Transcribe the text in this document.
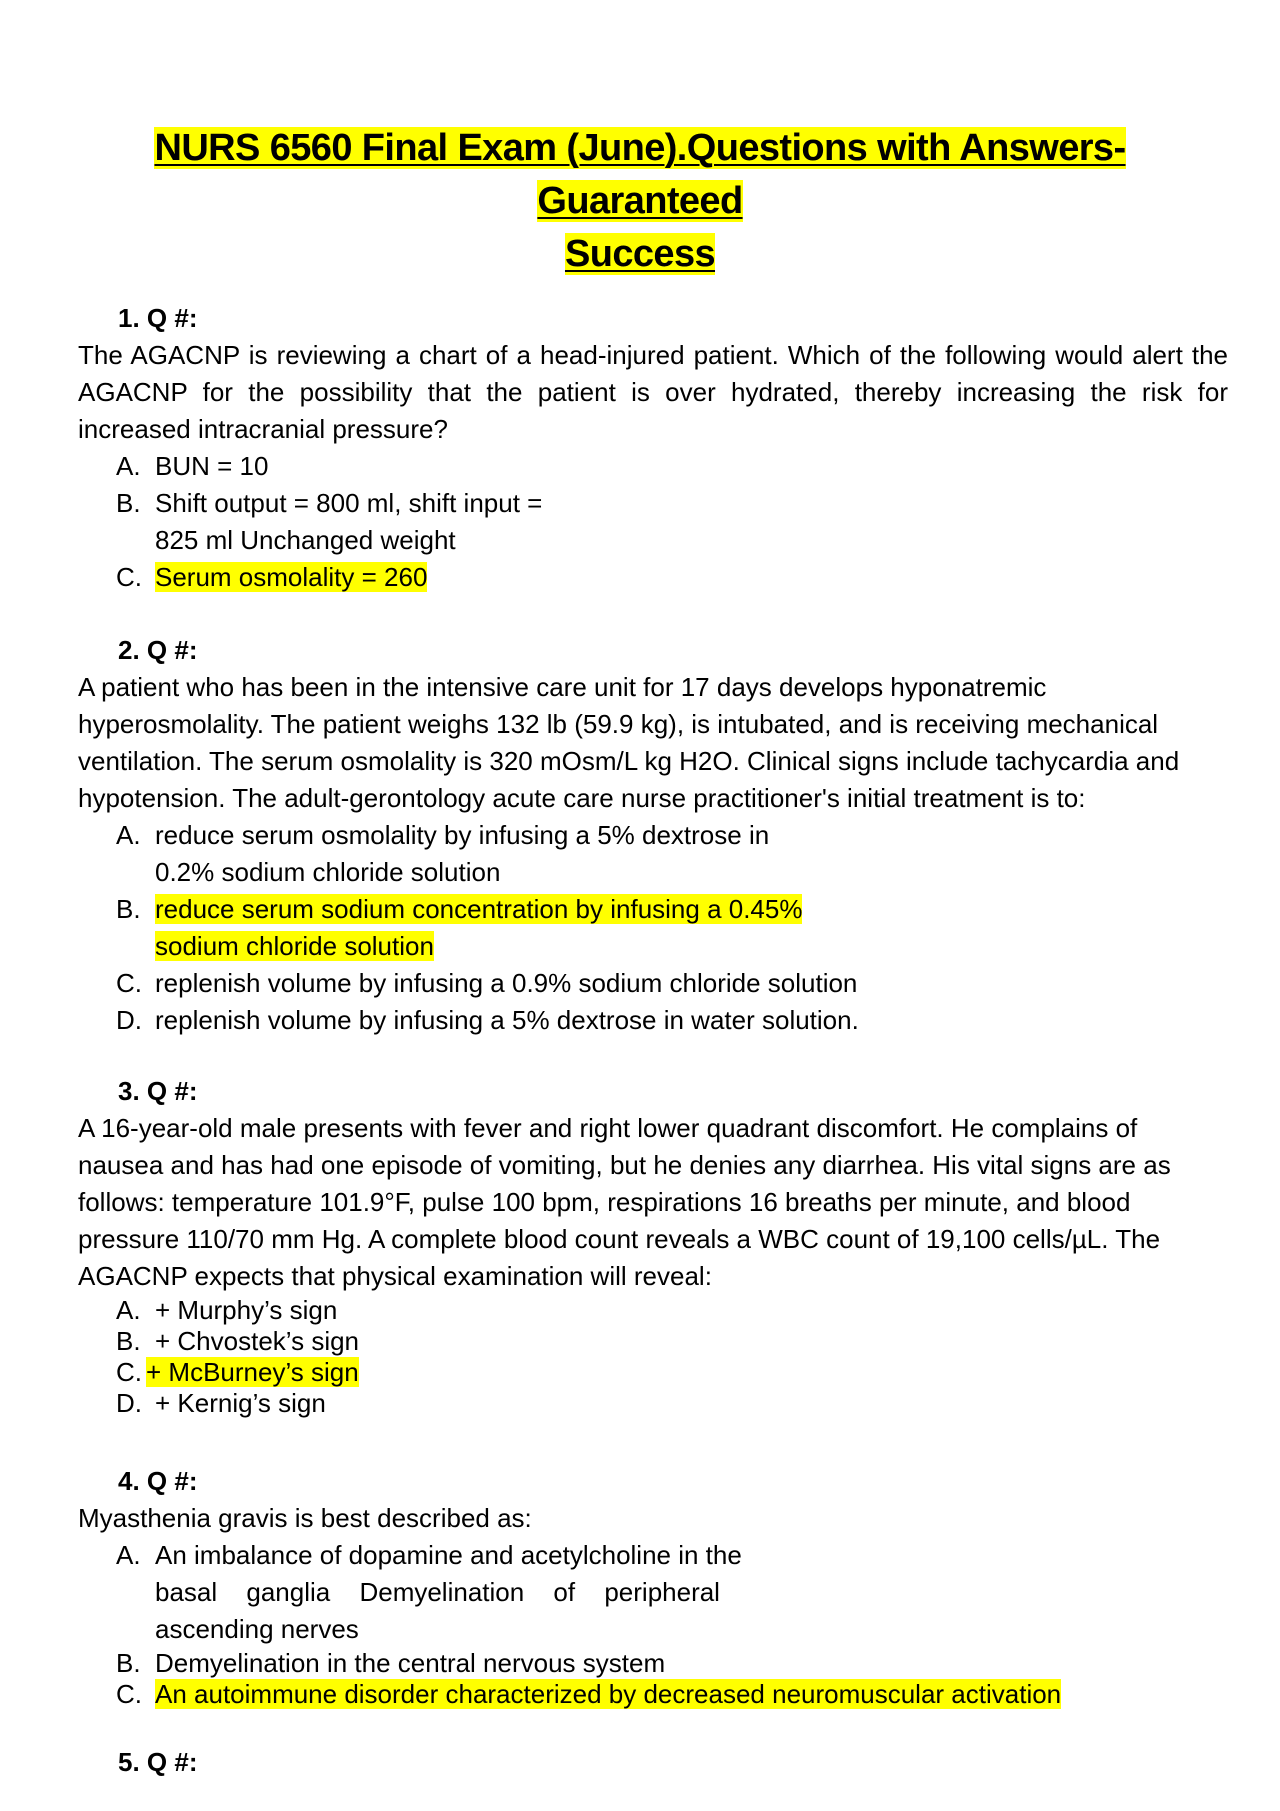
NURS 6560 Final Exam (June).Questions with Answers-Guaranteed
Success
1. Q #:
The AGACNP is reviewing a chart of a head-injured patient. Which of the following would alert the AGACNP for the possibility that the patient is over hydrated, thereby increasing the risk for increased intracranial pressure?
A. BUN = 10
B. Shift output = 800 ml, shift input =
825 ml Unchanged weight
C. Serum osmolality = 260
2. Q #:
A patient who has been in the intensive care unit for 17 days develops hyponatremic hyperosmolality. The patient weighs 132 lb (59.9 kg), is intubated, and is receiving mechanical ventilation. The serum osmolality is 320 mOsm/L kg H2O. Clinical signs include tachycardia and hypotension. The adult-gerontology acute care nurse practitioner's initial treatment is to:
A. reduce serum osmolality by infusing a 5% dextrose in
0.2% sodium chloride solution
B. reduce serum sodium concentration by infusing a 0.45%
sodium chloride solution
C. replenish volume by infusing a 0.9% sodium chloride solution
D. replenish volume by infusing a 5% dextrose in water solution.
3. Q #:
A 16-year-old male presents with fever and right lower quadrant discomfort. He complains of nausea and has had one episode of vomiting, but he denies any diarrhea. His vital signs are as follows: temperature 101.9°F, pulse 100 bpm, respirations 16 breaths per minute, and blood pressure 110/70 mm Hg. A complete blood count reveals a WBC count of 19,100 cells/µL. The AGACNP expects that physical examination will reveal:
A. + Murphy’s sign
B. + Chvostek’s sign
C. + McBurney’s sign
D. + Kernig’s sign
4. Q #:
Myasthenia gravis is best described as:
A. An imbalance of dopamine and acetylcholine in the
basal ganglia Demyelination of peripheral
ascending nerves
B. Demyelination in the central nervous system
C. An autoimmune disorder characterized by decreased neuromuscular activation
5. Q #:
